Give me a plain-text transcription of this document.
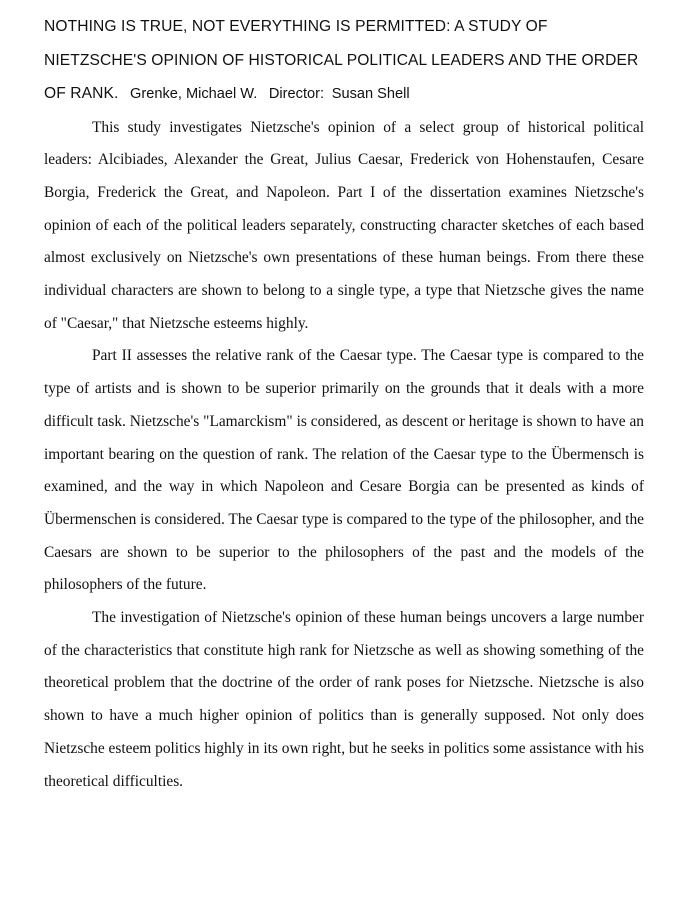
NOTHING IS TRUE, NOT EVERYTHING IS PERMITTED: A STUDY OF NIETZSCHE'S OPINION OF HISTORICAL POLITICAL LEADERS AND THE ORDER OF RANK. Grenke, Michael W. Director: Susan Shell

This study investigates Nietzsche's opinion of a select group of historical political leaders: Alcibiades, Alexander the Great, Julius Caesar, Frederick von Hohenstaufen, Cesare Borgia, Frederick the Great, and Napoleon. Part I of the dissertation examines Nietzsche's opinion of each of the political leaders separately, constructing character sketches of each based almost exclusively on Nietzsche's own presentations of these human beings. From there these individual characters are shown to belong to a single type, a type that Nietzsche gives the name of "Caesar," that Nietzsche esteems highly.

Part II assesses the relative rank of the Caesar type. The Caesar type is compared to the type of artists and is shown to be superior primarily on the grounds that it deals with a more difficult task. Nietzsche's "Lamarckism" is considered, as descent or heritage is shown to have an important bearing on the question of rank. The relation of the Caesar type to the Übermensch is examined, and the way in which Napoleon and Cesare Borgia can be presented as kinds of Übermenschen is considered. The Caesar type is compared to the type of the philosopher, and the Caesars are shown to be superior to the philosophers of the past and the models of the philosophers of the future.

The investigation of Nietzsche's opinion of these human beings uncovers a large number of the characteristics that constitute high rank for Nietzsche as well as showing something of the theoretical problem that the doctrine of the order of rank poses for Nietzsche. Nietzsche is also shown to have a much higher opinion of politics than is generally supposed. Not only does Nietzsche esteem politics highly in its own right, but he seeks in politics some assistance with his theoretical difficulties.
